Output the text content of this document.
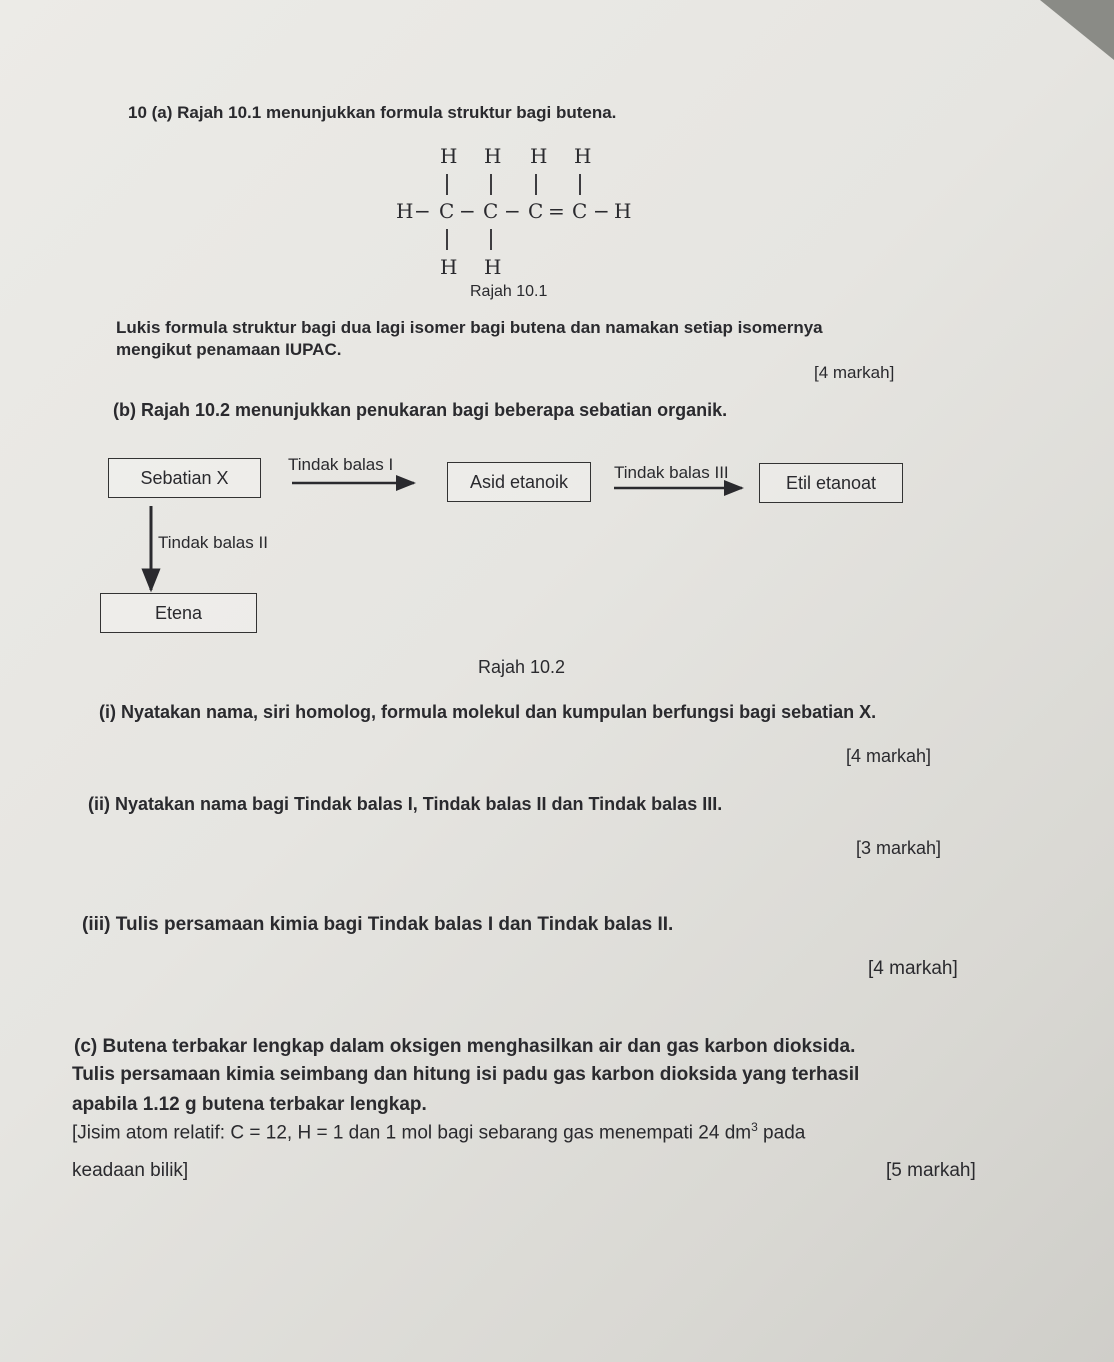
10 (a) Rajah 10.1 menunjukkan formula struktur bagi butena.
H H H H
H − C − C − C = C − H
H H
Rajah 10.1
Lukis formula struktur bagi dua lagi isomer bagi butena dan namakan setiap isomernya
mengikut penamaan IUPAC.
[4 markah]
(b) Rajah 10.2 menunjukkan penukaran bagi beberapa sebatian organik.
Sebatian X
Tindak balas I
Asid etanoik	Tindak balas III	Etil etanoat
Tindak balas II
Etena
Rajah 10.2
(i) Nyatakan nama, siri homolog, formula molekul dan kumpulan berfungsi bagi sebatian X.
[4 markah]
(ii) Nyatakan nama bagi Tindak balas I, Tindak balas II dan Tindak balas III.
[3 markah]
(iii) Tulis persamaan kimia bagi Tindak balas I dan Tindak balas II.
[4 markah]
(c) Butena terbakar lengkap dalam oksigen menghasilkan air dan gas karbon dioksida.
Tulis persamaan kimia seimbang dan hitung isi padu gas karbon dioksida yang terhasil
apabila 1.12 g butena terbakar lengkap.
[Jisim atom relatif: C = 12, H = 1 dan 1 mol bagi sebarang gas menempati 24 $dm^3$ pada
keadaan bilik]	[5 markah]
